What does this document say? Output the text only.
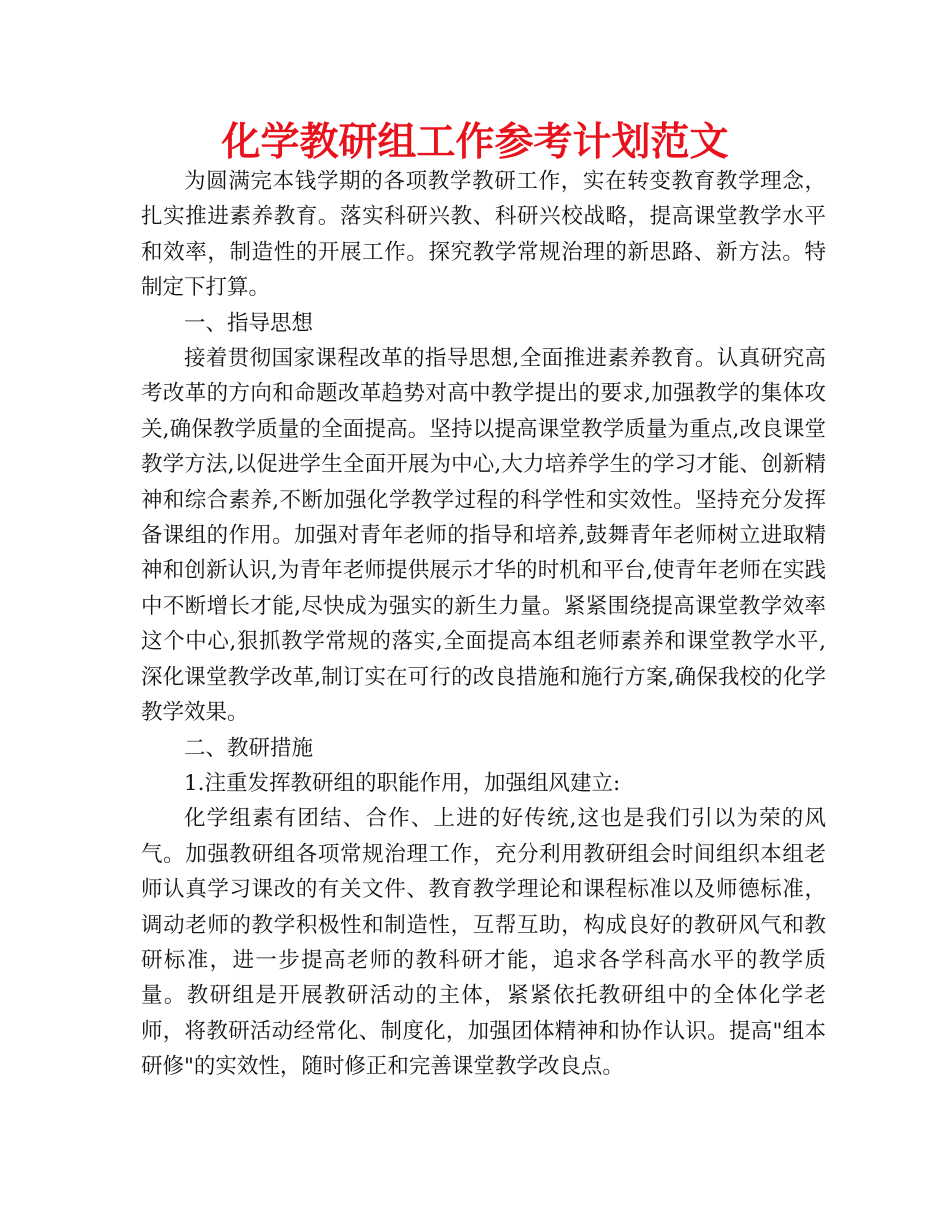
化学教研组工作参考计划范文

为圆满完本钱学期的各项教学教研工作，实在转变教育教学理念，扎实推进素养教育。落实科研兴教、科研兴校战略，提高课堂教学水平和效率，制造性的开展工作。探究教学常规治理的新思路、新方法。特制定下打算。

一、指导思想

接着贯彻国家课程改革的指导思想,全面推进素养教育。认真研究高考改革的方向和命题改革趋势对高中教学提出的要求,加强教学的集体攻关,确保教学质量的全面提高。坚持以提高课堂教学质量为重点,改良课堂教学方法,以促进学生全面开展为中心,大力培养学生的学习才能、创新精神和综合素养,不断加强化学教学过程的科学性和实效性。坚持充分发挥备课组的作用。加强对青年老师的指导和培养,鼓舞青年老师树立进取精神和创新认识,为青年老师提供展示才华的时机和平台,使青年老师在实践中不断增长才能,尽快成为强实的新生力量。紧紧围绕提高课堂教学效率这个中心,狠抓教学常规的落实,全面提高本组老师素养和课堂教学水平,深化课堂教学改革,制订实在可行的改良措施和施行方案,确保我校的化学教学效果。

二、教研措施

1.注重发挥教研组的职能作用，加强组风建立:

化学组素有团结、合作、上进的好传统,这也是我们引以为荣的风气。加强教研组各项常规治理工作，充分利用教研组会时间组织本组老师认真学习课改的有关文件、教育教学理论和课程标准以及师德标准，调动老师的教学积极性和制造性，互帮互助，构成良好的教研风气和教研标准，进一步提高老师的教科研才能，追求各学科高水平的教学质量。教研组是开展教研活动的主体，紧紧依托教研组中的全体化学老师，将教研活动经常化、制度化，加强团体精神和协作认识。提高"组本研修"的实效性，随时修正和完善课堂教学改良点。
